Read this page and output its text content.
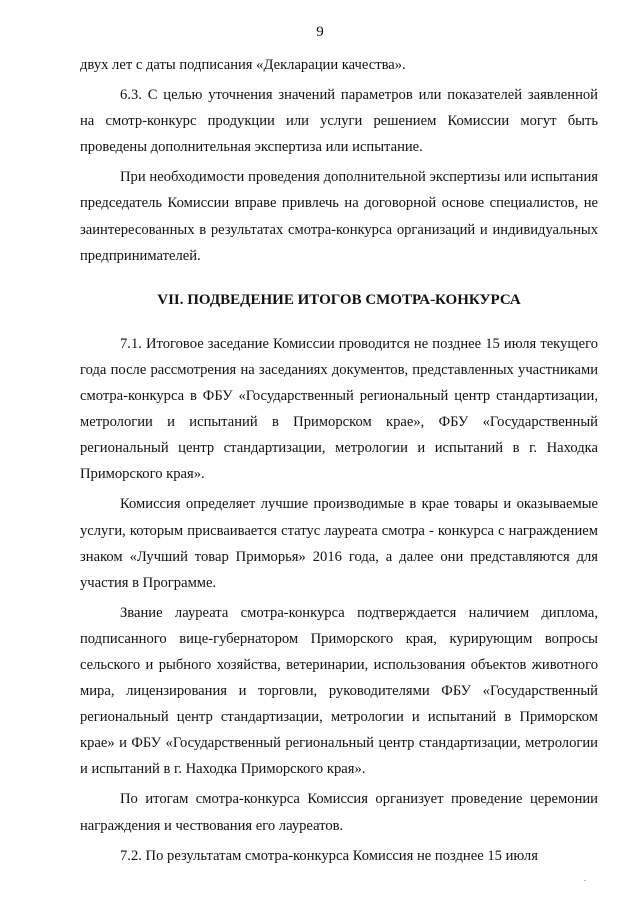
9

двух лет с даты подписания «Декларации качества».

6.3. С целью уточнения значений параметров или показателей заявленной на смотр-конкурс продукции или услуги решением Комиссии могут быть проведены дополнительная экспертиза или испытание.

При необходимости проведения дополнительной экспертизы или испытания председатель Комиссии вправе привлечь на договорной основе специалистов, не заинтересованных в результатах смотра-конкурса организаций и индивидуальных предпринимателей.

VII. ПОДВЕДЕНИЕ ИТОГОВ СМОТРА-КОНКУРСА

7.1. Итоговое заседание Комиссии проводится не позднее 15 июля текущего года после рассмотрения на заседаниях документов, представленных участниками смотра-конкурса в ФБУ «Государственный региональный центр стандартизации, метрологии и испытаний в Приморском крае», ФБУ «Государственный региональный центр стандартизации, метрологии и испытаний в г. Находка Приморского края».

Комиссия определяет лучшие производимые в крае товары и оказываемые услуги, которым присваивается статус лауреата смотра - конкурса с награждением знаком «Лучший товар Приморья» 2016 года, а далее они представляются для участия в Программе.

Звание лауреата смотра-конкурса подтверждается наличием диплома, подписанного вице-губернатором Приморского края, курирующим вопросы сельского и рыбного хозяйства, ветеринарии, использования объектов животного мира, лицензирования и торговли, руководителями ФБУ «Государственный региональный центр стандартизации, метрологии и испытаний в Приморском крае» и ФБУ «Государственный региональный центр стандартизации, метрологии и испытаний в г. Находка Приморского края».

По итогам смотра-конкурса Комиссия организует проведение церемонии награждения и чествования его лауреатов.

7.2. По результатам смотра-конкурса Комиссия не позднее 15 июля
